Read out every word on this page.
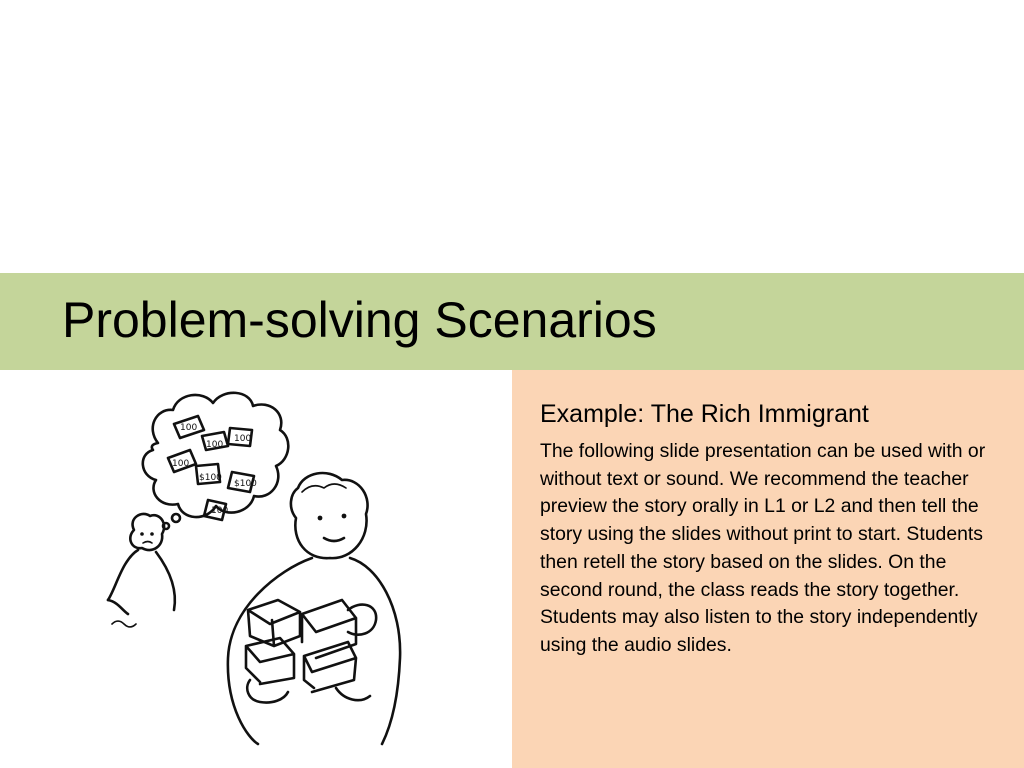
Problem-solving Scenarios
Example: The Rich Immigrant

The following slide presentation can be used with or without text or sound. We recommend the teacher preview the story orally in L1 or L2 and then tell the story using the slides without print to start. Students then retell the story based on the slides. On the second round, the class reads the story together. Students may also listen to the story independently using the audio slides.

100
100
100
100
$100
$100
100
